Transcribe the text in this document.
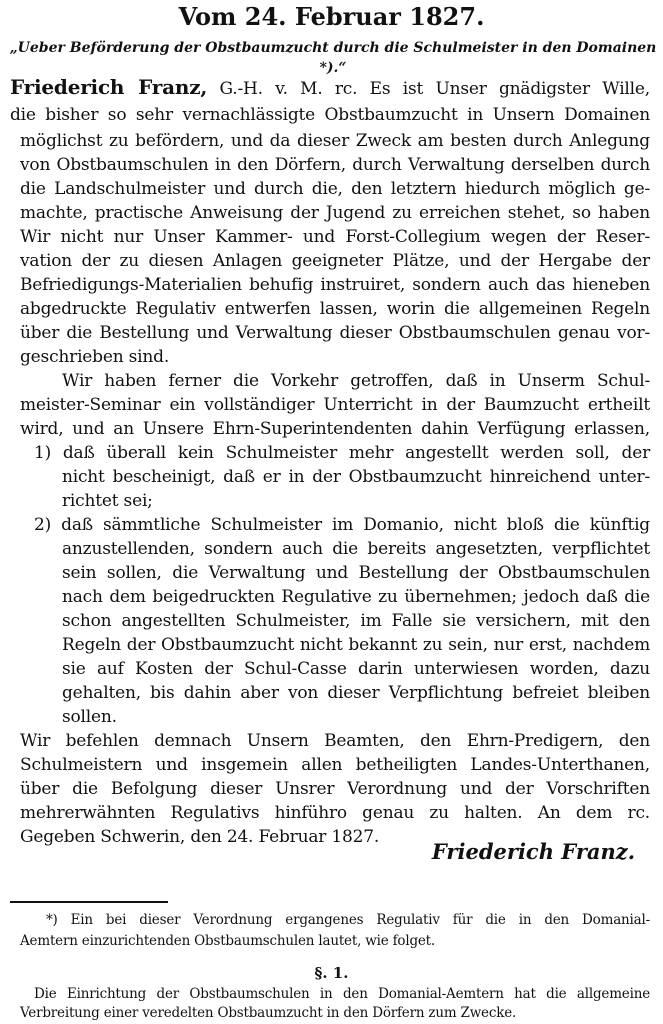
Vom 24. Februar 1827.

„Ueber Beförderung der Obstbaumzucht durch die Schulmeister in den Domainen *).“

Friederich Franz, G.-H. v. M. rc. Es ist Unser gnädigster Wille,

die bisher so sehr vernachlässigte Obstbaumzucht in Unsern Domainen

möglichst zu befördern, und da dieser Zweck am besten durch Anlegung

von Obstbaumschulen in den Dörfern, durch Verwaltung derselben durch

die Landschulmeister und durch die, den letztern hiedurch möglich ge-

machte, practische Anweisung der Jugend zu erreichen stehet, so haben

Wir nicht nur Unser Kammer- und Forst-Collegium wegen der Reser-

vation der zu diesen Anlagen geeigneter Plätze, und der Hergabe der

Befriedigungs-Materialien behufig instruiret, sondern auch das hieneben

abgedruckte Regulativ entwerfen lassen, worin die allgemeinen Regeln

über die Bestellung und Verwaltung dieser Obstbaumschulen genau vor-

geschrieben sind.

Wir haben ferner die Vorkehr getroffen, daß in Unserm Schul-

meister-Seminar ein vollständiger Unterricht in der Baumzucht ertheilt

wird, und an Unsere Ehrn-Superintendenten dahin Verfügung erlassen,

1) daß überall kein Schulmeister mehr angestellt werden soll, der

nicht bescheinigt, daß er in der Obstbaumzucht hinreichend unter-

richtet sei;

2) daß sämmtliche Schulmeister im Domanio, nicht bloß die künftig

anzustellenden, sondern auch die bereits angesetzten, verpflichtet

sein sollen, die Verwaltung und Bestellung der Obstbaumschulen

nach dem beigedruckten Regulative zu übernehmen; jedoch daß die

schon angestellten Schulmeister, im Falle sie versichern, mit den

Regeln der Obstbaumzucht nicht bekannt zu sein, nur erst, nachdem

sie auf Kosten der Schul-Casse darin unterwiesen worden, dazu

gehalten, bis dahin aber von dieser Verpflichtung befreiet bleiben

sollen.

Wir befehlen demnach Unsern Beamten, den Ehrn-Predigern, den

Schulmeistern und insgemein allen betheiligten Landes-Unterthanen,

über die Befolgung dieser Unsrer Verordnung und der Vorschriften

mehrerwähnten Regulativs hinführo genau zu halten. An dem rc.

Gegeben Schwerin, den 24. Februar 1827.

Friederich Franz.

*) Ein bei dieser Verordnung ergangenes Regulativ für die in den Domanial-

Aemtern einzurichtenden Obstbaumschulen lautet, wie folget.

§. 1.

Die Einrichtung der Obstbaumschulen in den Domanial-Aemtern hat die allgemeine

Verbreitung einer veredelten Obstbaumzucht in den Dörfern zum Zwecke.
